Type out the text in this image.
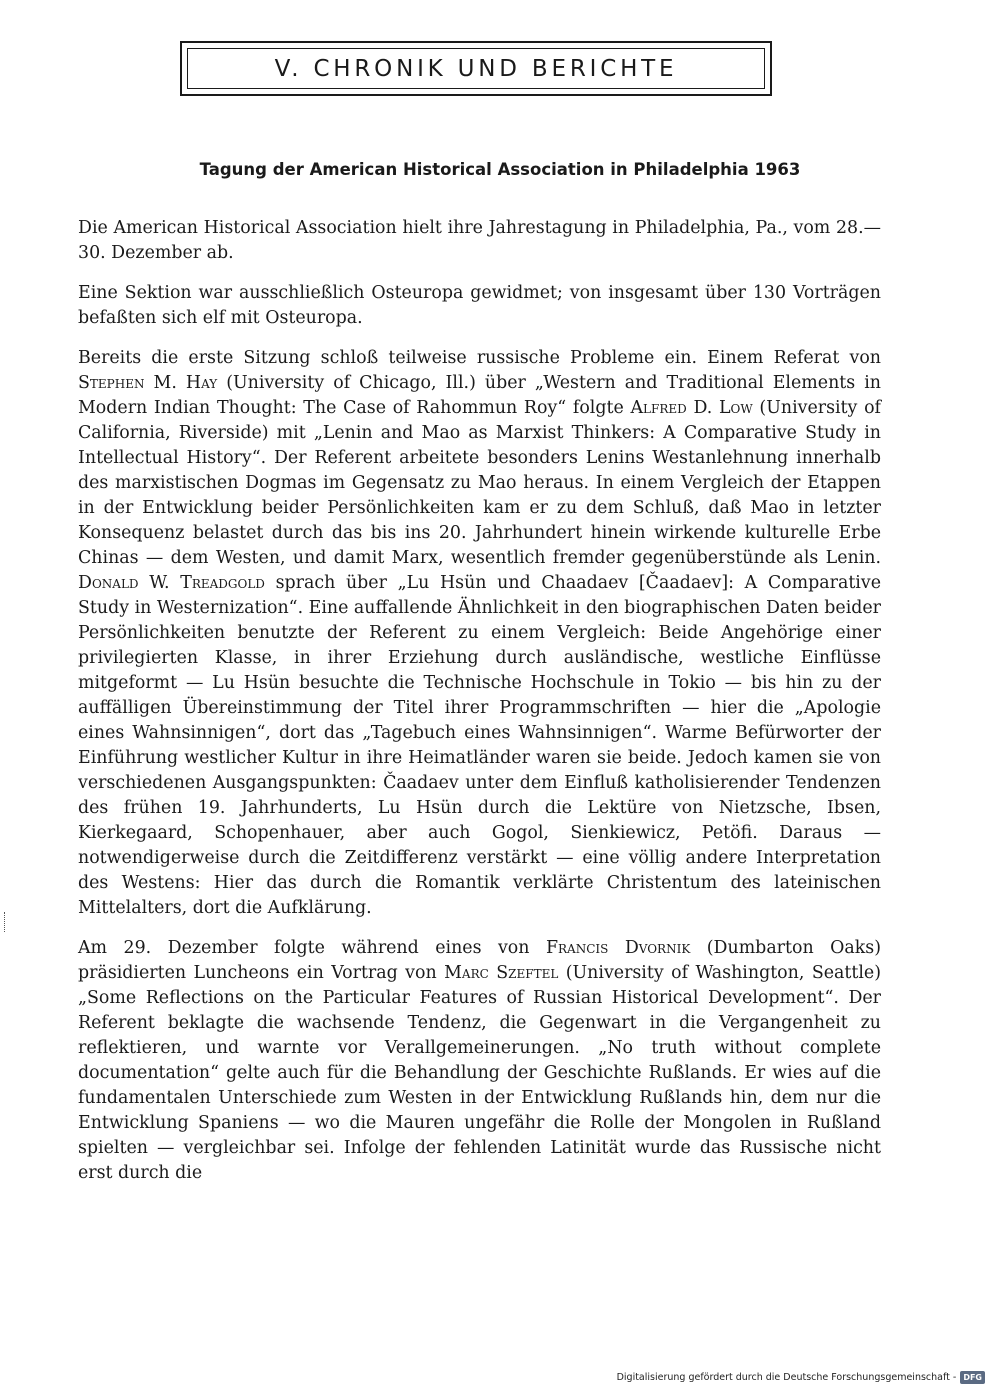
V. CHRONIK UND BERICHTE
Tagung der American Historical Association in Philadelphia 1963

Die American Historical Association hielt ihre Jahrestagung in Philadelphia, Pa., vom 28.—30. Dezember ab.

Eine Sektion war ausschließlich Osteuropa gewidmet; von insgesamt über 130 Vorträgen befaßten sich elf mit Osteuropa.

Bereits die erste Sitzung schloß teilweise russische Probleme ein. Einem Referat von Stephen M. Hay (University of Chicago, Ill.) über „Western and Traditional Elements in Modern Indian Thought: The Case of Rahommun Roy“ folgte Alfred D. Low (University of California, Riverside) mit „Lenin and Mao as Marxist Thinkers: A Comparative Study in Intellectual History“. Der Referent arbeitete besonders Lenins Westanlehnung innerhalb des marxistischen Dogmas im Gegensatz zu Mao heraus. In einem Vergleich der Etappen in der Entwicklung beider Persönlichkeiten kam er zu dem Schluß, daß Mao in letzter Konsequenz belastet durch das bis ins 20. Jahrhundert hinein wirkende kulturelle Erbe Chinas — dem Westen, und damit Marx, wesentlich fremder gegenüberstünde als Lenin. Donald W. Treadgold sprach über „Lu Hsün und Chaadaev [Čaadaev]: A Comparative Study in Westernization“. Eine auffallende Ähnlichkeit in den biographischen Daten beider Persönlichkeiten benutzte der Referent zu einem Vergleich: Beide Angehörige einer privilegierten Klasse, in ihrer Erziehung durch ausländische, westliche Einflüsse mitgeformt — Lu Hsün besuchte die Technische Hochschule in Tokio — bis hin zu der auffälligen Übereinstimmung der Titel ihrer Programmschriften — hier die „Apologie eines Wahnsinnigen“, dort das „Tagebuch eines Wahnsinnigen“. Warme Befürworter der Einführung westlicher Kultur in ihre Heimatländer waren sie beide. Jedoch kamen sie von verschiedenen Ausgangspunkten: Čaadaev unter dem Einfluß katholisierender Tendenzen des frühen 19. Jahrhunderts, Lu Hsün durch die Lektüre von Nietzsche, Ibsen, Kierkegaard, Schopenhauer, aber auch Gogol, Sienkiewicz, Petöfi. Daraus — notwendigerweise durch die Zeitdifferenz verstärkt — eine völlig andere Interpretation des Westens: Hier das durch die Romantik verklärte Christentum des lateinischen Mittelalters, dort die Aufklärung.

Am 29. Dezember folgte während eines von Francis Dvornik (Dumbarton Oaks) präsidierten Luncheons ein Vortrag von Marc Szeftel (University of Washington, Seattle) „Some Reflections on the Particular Features of Russian Historical Development“. Der Referent beklagte die wachsende Tendenz, die Gegenwart in die Vergangenheit zu reflektieren, und warnte vor Verallgemeinerungen. „No truth without complete documentation“ gelte auch für die Behandlung der Geschichte Rußlands. Er wies auf die fundamentalen Unterschiede zum Westen in der Entwicklung Rußlands hin, dem nur die Entwicklung Spaniens — wo die Mauren ungefähr die Rolle der Mongolen in Rußland spielten — vergleichbar sei. Infolge der fehlenden Latinität wurde das Russische nicht erst durch die

Digitalisierung gefördert durch die Deutsche Forschungsgemeinschaft - DFG
